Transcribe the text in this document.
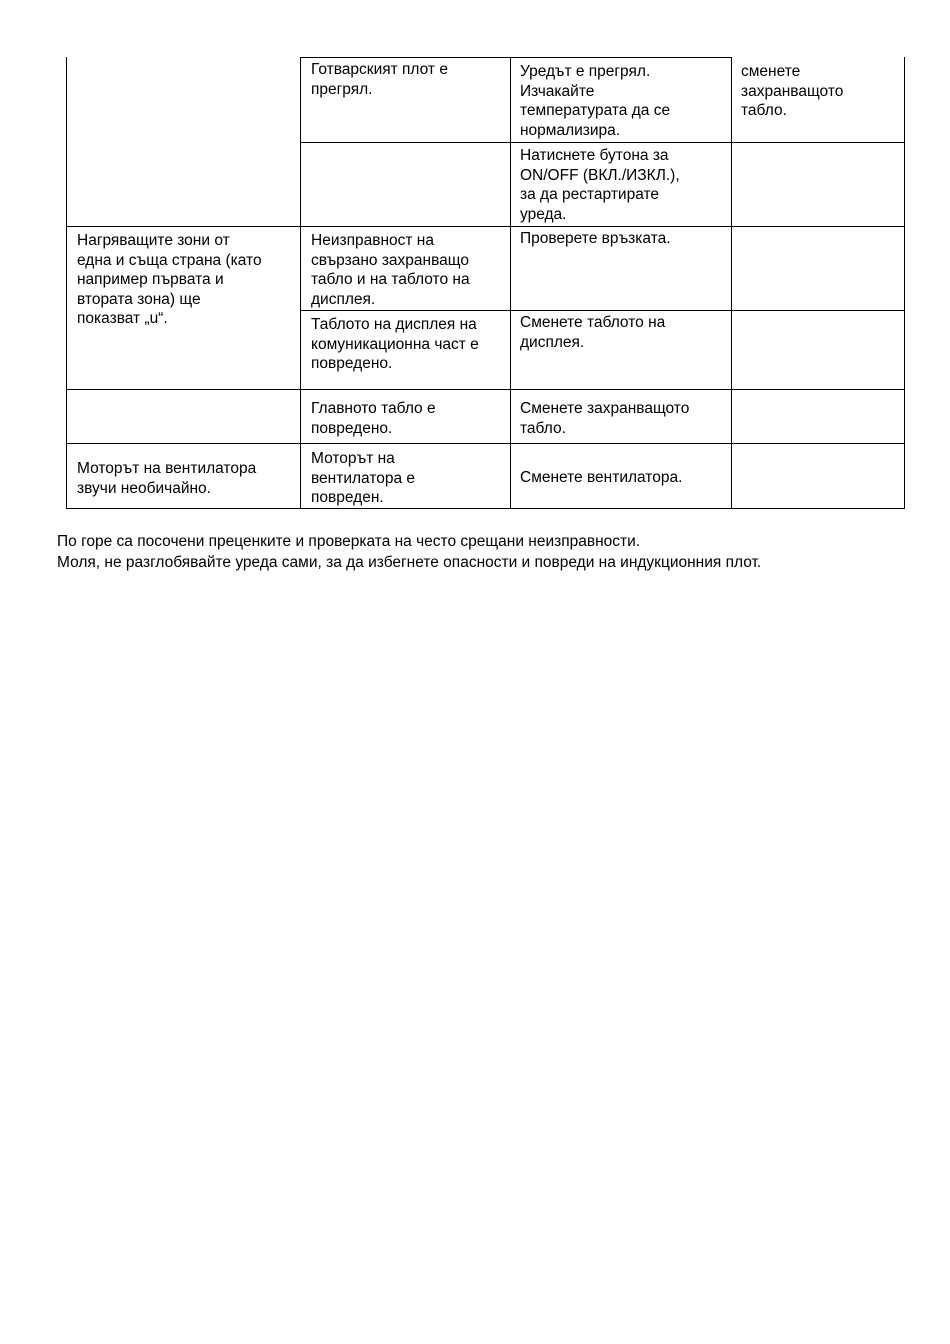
Готварският плот е
прегрял.
Уредът е прегрял.
Изчакайте
температурата да се
нормализира.
сменете
захранващото
табло.
Натиснете бутона за
ON/OFF (ВКЛ./ИЗКЛ.),
за да рестартирате
уреда.
Нагряващите зони от
една и съща страна (като
например първата и
втората зона) ще
показват „u“.
Неизправност на
свързано захранващо
табло и на таблото на
дисплея.
Проверете връзката.
Таблото на дисплея на
комуникационна част е
повредено.
Сменете таблото на
дисплея.
Главното табло е
повредено.
Сменете захранващото
табло.
Моторът на вентилатора
звучи необичайно.
Моторът на
вентилатора е
повреден.
Сменете вентилатора.
По горе са посочени преценките и проверката на често срещани неизправности.
Моля, не разглобявайте уреда сами, за да избегнете опасности и повреди на индукционния плот.
